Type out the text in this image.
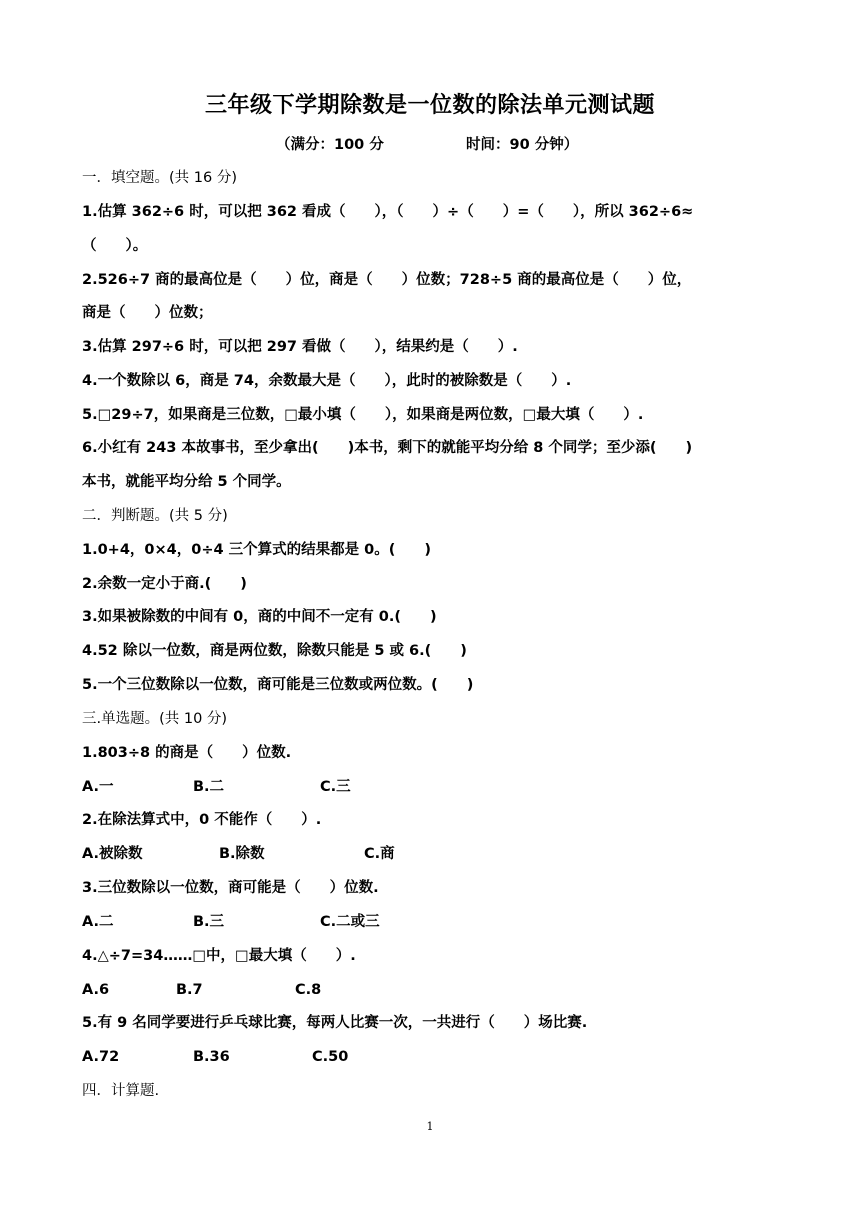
三年级下学期除数是一位数的除法单元测试题
（满分：100 分	时间：90 分钟）
一．填空题。(共 16 分)
1.估算 362÷6 时，可以把 362 看成（　　），（　　）÷（　　）=（　　），所以 362÷6≈
（　　）。
2.526÷7 商的最高位是（　　）位，商是（　　）位数；728÷5 商的最高位是（　　）位，
商是（　　）位数；
3.估算 297÷6 时，可以把 297 看做（　　），结果约是（　　）.
4.一个数除以 6，商是 74，余数最大是（　　），此时的被除数是（　　）.
5.□29÷7，如果商是三位数，□最小填（　　），如果商是两位数，□最大填（　　）.
6.小红有 243 本故事书，至少拿出(　　)本书，剩下的就能平均分给 8 个同学；至少添(　　)
本书，就能平均分给 5 个同学。
二．判断题。(共 5 分)
1.0+4，0×4，0÷4 三个算式的结果都是 0。(　　)
2.余数一定小于商.(　　)
3.如果被除数的中间有 0，商的中间不一定有 0.(　　)
4.52 除以一位数，商是两位数，除数只能是 5 或 6.(　　)
5.一个三位数除以一位数，商可能是三位数或两位数。(　　)
三.单选题。(共 10 分)
1.803÷8 的商是（　　）位数.
A.一	B.二	C.三
2.在除法算式中，0 不能作（　　）.
A.被除数	B.除数	C.商
3.三位数除以一位数，商可能是（　　）位数.
A.二	B.三	C.二或三
4.△÷7=34……□中，□最大填（　　）.
A.6	B.7	C.8
5.有 9 名同学要进行乒乓球比赛，每两人比赛一次，一共进行（　　）场比赛.
A.72	B.36	C.50
四．计算题.
1
